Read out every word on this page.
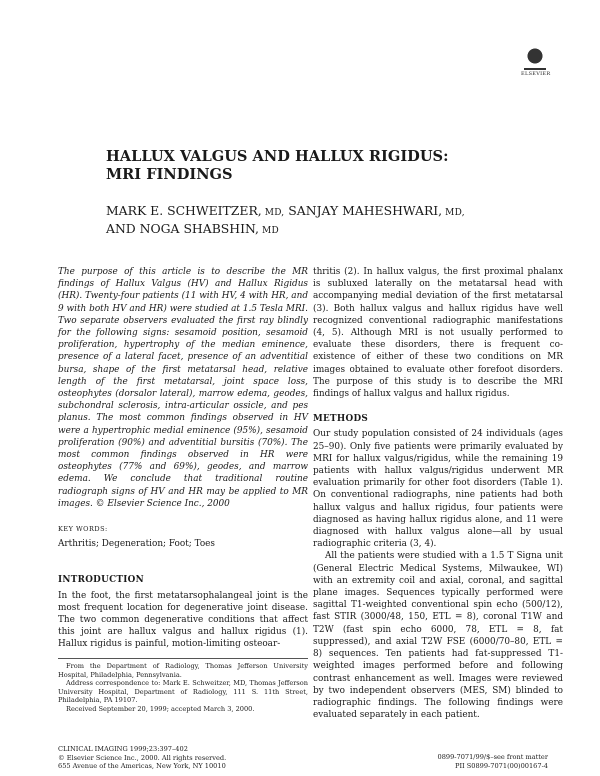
ELSEVIER
HALLUX VALGUS AND HALLUX RIGIDUS:
MRI FINDINGS
MARK E. SCHWEITZER, MD, SANJAY MAHESHWARI, MD,
AND NOGA SHABSHIN, MD

The purpose of this article is to describe the MR findings of Hallux Valgus (HV) and Hallux Rigidus (HR). Twenty-four patients (11 with HV, 4 with HR, and 9 with both HV and HR) were studied at 1.5 Tesla MRI. Two separate observers evaluated the first ray blindly for the following signs: sesamoid position, sesamoid proliferation, hypertrophy of the median eminence, presence of a lateral facet, presence of an adventitial bursa, shape of the first metatarsal head, relative length of the first metatarsal, joint space loss, osteophytes (dorsalor lateral), marrow edema, geodes, subchondral sclerosis, intra-articular ossicle, and pes planus. The most common findings observed in HV were a hypertrophic medial eminence (95%), sesamoid proliferation (90%) and adventitial bursitis (70%). The most common findings observed in HR were osteophytes (77% and 69%), geodes, and marrow edema. We conclude that traditional routine radiograph signs of HV and HR may be applied to MR images. © Elsevier Science Inc., 2000

KEY WORDS:
Arthritis; Degeneration; Foot; Toes
INTRODUCTION

In the foot, the first metatarsophalangeal joint is the most frequent location for degenerative joint disease. The two common degenerative conditions that affect this joint are hallux valgus and hallux rigidus (1). Hallux rigidus is painful, motion-limiting osteoar-

thritis (2). In hallux valgus, the first proximal phalanx is subluxed laterally on the metatarsal head with accompanying medial deviation of the first metatarsal (3). Both hallux valgus and hallux rigidus have well recognized conventional radiographic manifestations (4, 5). Although MRI is not usually performed to evaluate these disorders, there is frequent co-existence of either of these two conditions on MR images obtained to evaluate other forefoot disorders. The purpose of this study is to describe the MRI findings of hallux valgus and hallux rigidus.

METHODS

Our study population consisted of 24 individuals (ages 25–90). Only five patients were primarily evaluated by MRI for hallux valgus/rigidus, while the remaining 19 patients with hallux valgus/rigidus underwent MR evaluation primarily for other foot disorders (Table 1). On conventional radiographs, nine patients had both hallux valgus and hallux rigidus, four patients were diagnosed as having hallux rigidus alone, and 11 were diagnosed with hallux valgus alone—all by usual radiographic criteria (3, 4).

All the patients were studied with a 1.5 T Signa unit (General Electric Medical Systems, Milwaukee, WI) with an extremity coil and axial, coronal, and sagittal plane images. Sequences typically performed were sagittal T1-weighted conventional spin echo (500/12), fast STIR (3000/48, 150, ETL = 8), coronal T1W and T2W (fast spin echo 6000, 78, ETL = 8, fat suppressed), and axial T2W FSE (6000/70–80, ETL = 8) sequences. Ten patients had fat-suppressed T1-weighted images performed before and following contrast enhancement as well. Images were reviewed by two independent observers (MES, SM) blinded to radiographic findings. The following findings were evaluated separately in each patient.

From the Department of Radiology, Thomas Jefferson University Hospital, Philadelphia, Pennsylvania.

Address correspondence to: Mark E. Schweitzer, MD, Thomas Jefferson University Hospital, Department of Radiology, 111 S. 11th Street, Philadelphia, PA 19107.

Received September 20, 1999; accepted March 3, 2000.

CLINICAL IMAGING 1999;23:397–402
© Elsevier Science Inc., 2000. All rights reserved.
655 Avenue of the Americas, New York, NY 10010
0899-7071/99/$–see front matter
PII S0899-7071(00)00167-4
